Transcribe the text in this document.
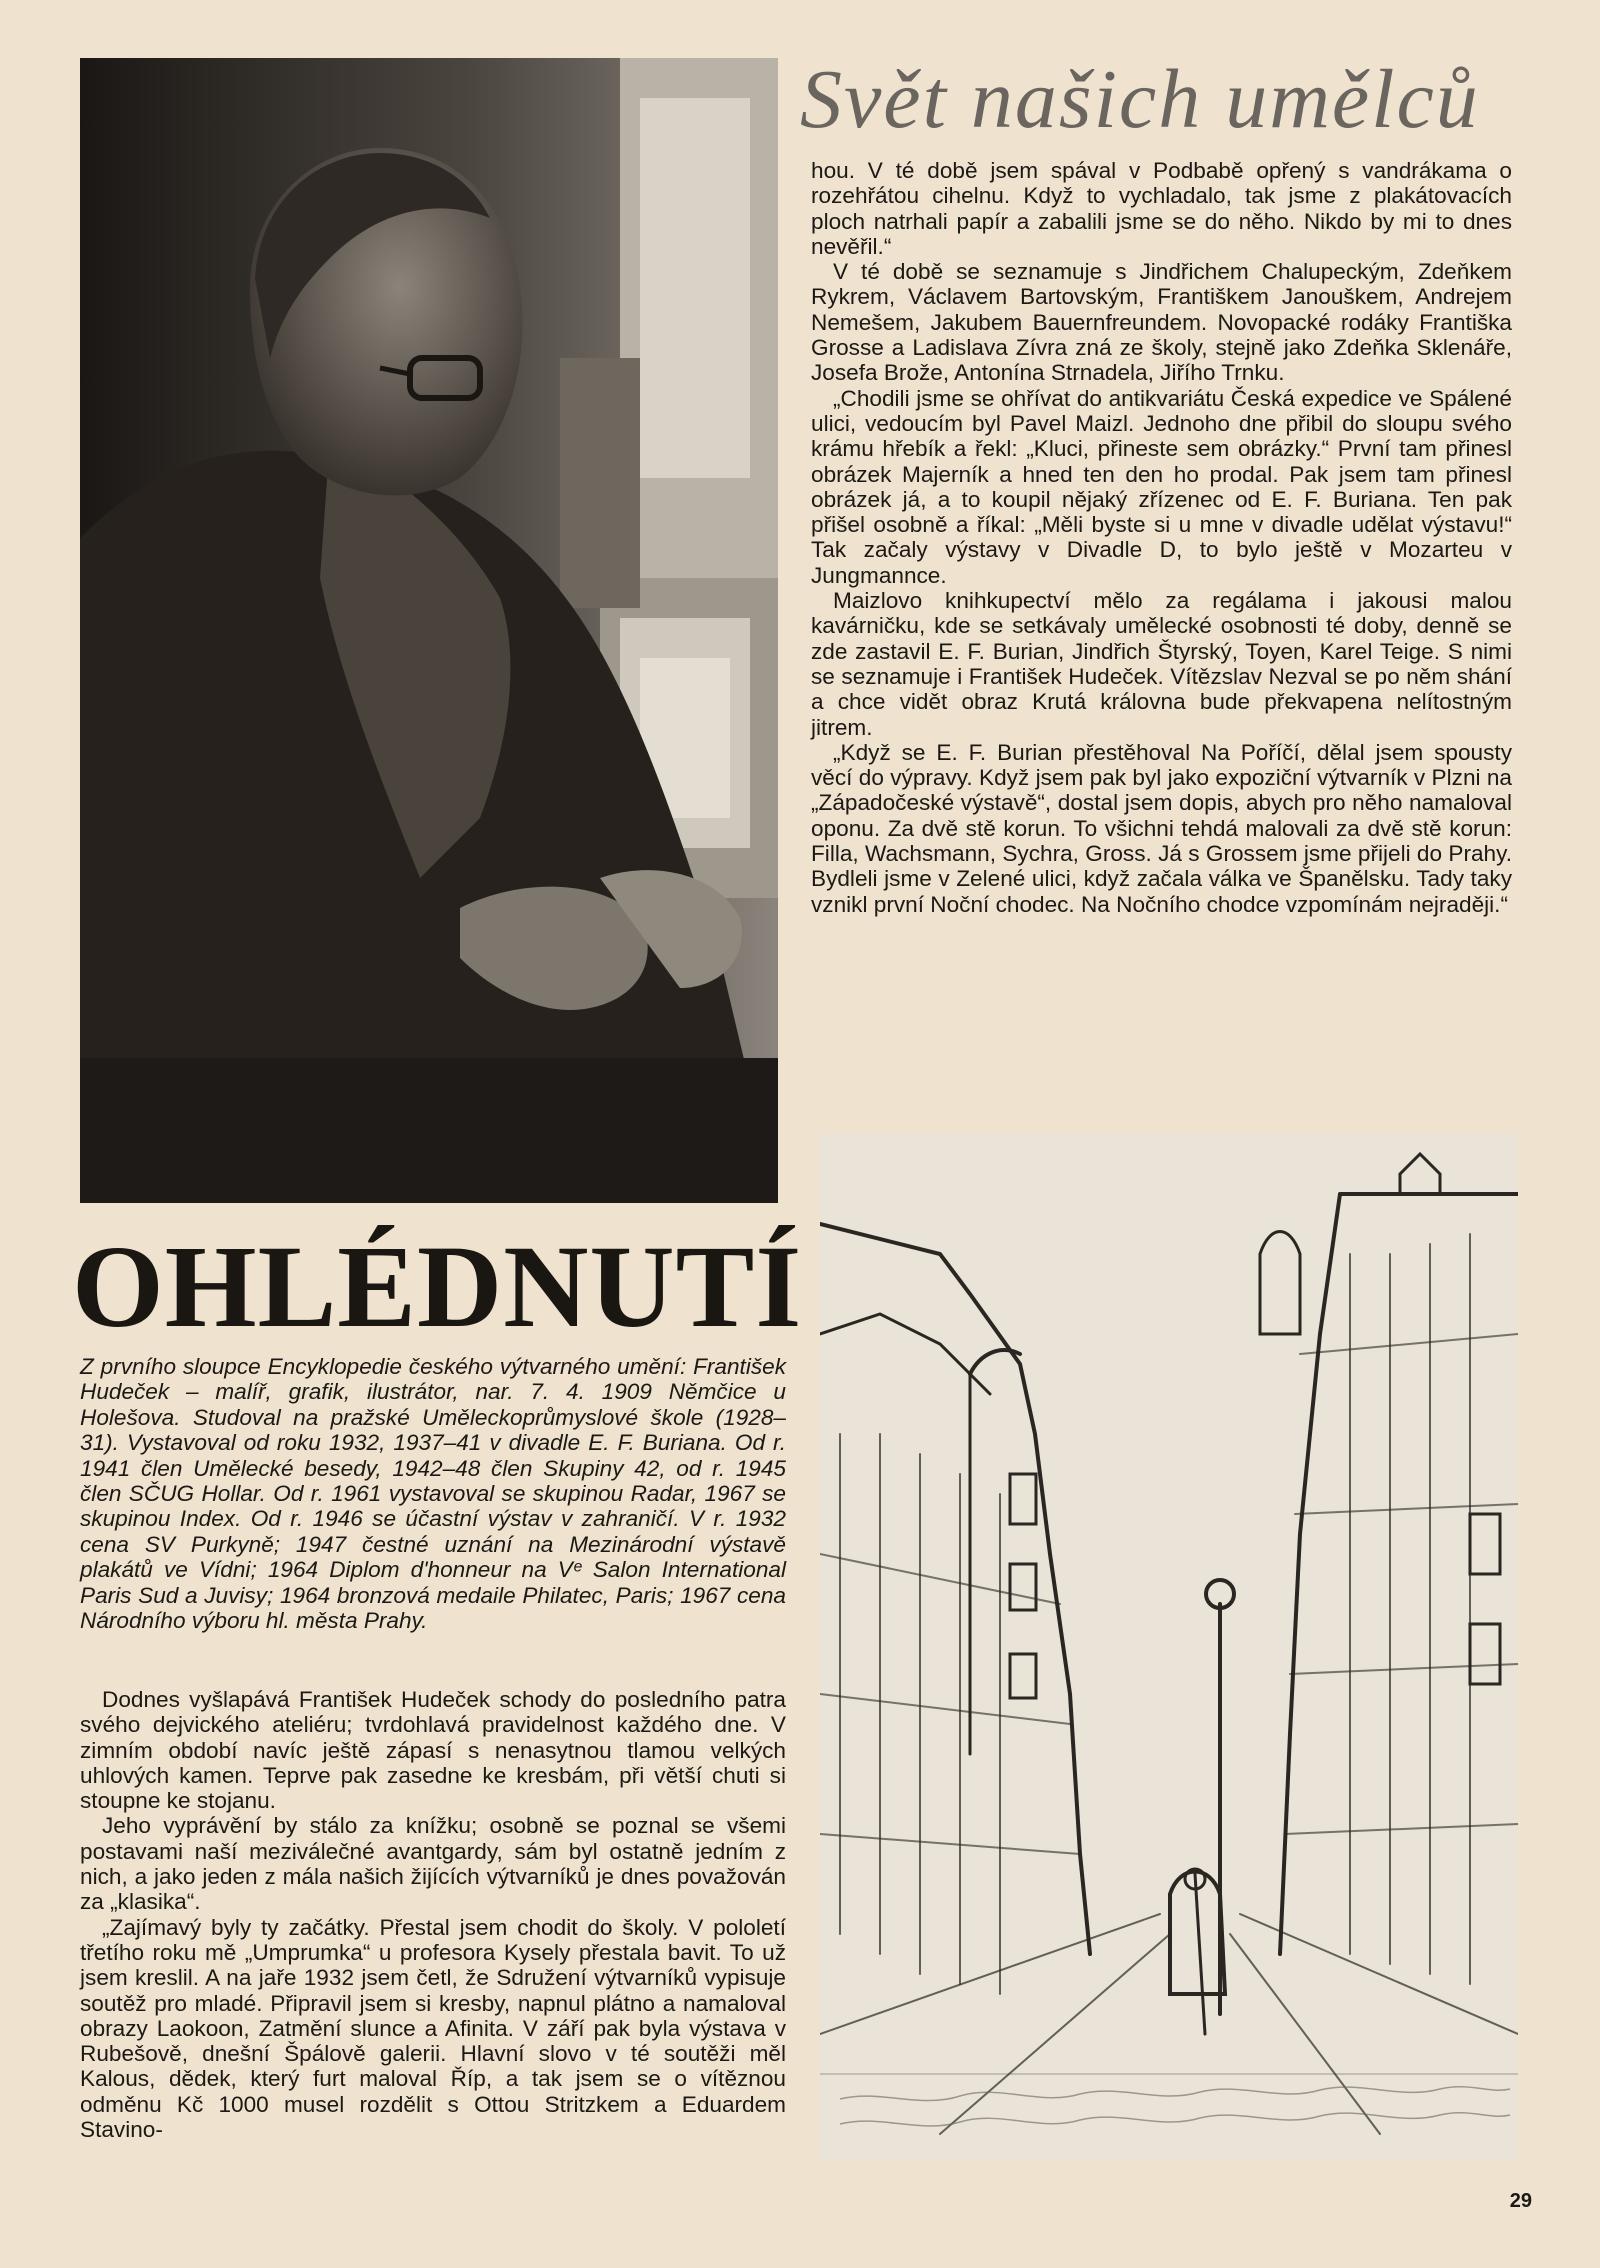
Svět našich umělců

hou. V té době jsem spával v Podbabě opřený s vandrákama o rozehřátou cihelnu. Když to vychladalo, tak jsme z plakátovacích ploch natrhali papír a zabalili jsme se do něho. Nikdo by mi to dnes nevěřil.“

V té době se seznamuje s Jindřichem Chalupeckým, Zdeňkem Rykrem, Václavem Bartovským, Františkem Janouškem, Andrejem Nemešem, Jakubem Bauernfreundem. Novopacké rodáky Františka Grosse a Ladislava Zívra zná ze školy, stejně jako Zdeňka Sklenáře, Josefa Brože, Antonína Strnadela, Jiřího Trnku.

„Chodili jsme se ohřívat do antikvariátu Česká expedice ve Spálené ulici, vedoucím byl Pavel Maizl. Jednoho dne přibil do sloupu svého krámu hřebík a řekl: „Kluci, přineste sem obrázky.“ První tam přinesl obrázek Majerník a hned ten den ho prodal. Pak jsem tam přinesl obrázek já, a to koupil nějaký zřízenec od E. F. Buriana. Ten pak přišel osobně a říkal: „Měli byste si u mne v divadle udělat výstavu!“ Tak začaly výstavy v Divadle D, to bylo ještě v Mozarteu v Jungmannce.

Maizlovo knihkupectví mělo za regálama i jakousi malou kavárničku, kde se setkávaly umělecké osobnosti té doby, denně se zde zastavil E. F. Burian, Jindřich Štyrský, Toyen, Karel Teige. S nimi se seznamuje i František Hudeček. Vítězslav Nezval se po něm shání a chce vidět obraz Krutá královna bude překvapena nelítostným jitrem.

„Když se E. F. Burian přestěhoval Na Poříčí, dělal jsem spousty věcí do výpravy. Když jsem pak byl jako expoziční výtvarník v Plzni na „Západočeské výstavě“, dostal jsem dopis, abych pro něho namaloval oponu. Za dvě stě korun. To všichni tehdá malovali za dvě stě korun: Filla, Wachsmann, Sychra, Gross. Já s Grossem jsme přijeli do Prahy. Bydleli jsme v Zelené ulici, když začala válka ve Španělsku. Tady taky vznikl první Noční chodec. Na Nočního chodce vzpomínám nejraději.“

OHLÉDNUTÍ
Z prvního sloupce Encyklopedie českého výtvarného umění: František Hudeček – malíř, grafik, ilustrátor, nar. 7. 4. 1909 Němčice u Holešova. Studoval na pražské Uměleckoprůmyslové škole (1928–31). Vystavoval od roku 1932, 1937–41 v divadle E. F. Buriana. Od r. 1941 člen Umělecké besedy, 1942–48 člen Skupiny 42, od r. 1945 člen SČUG Hollar. Od r. 1961 vystavoval se skupinou Radar, 1967 se skupinou Index. Od r. 1946 se účastní výstav v zahraničí. V r. 1932 cena SV Purkyně; 1947 čestné uznání na Mezinárodní výstavě plakátů ve Vídni; 1964 Diplom d'honneur na Vᵉ Salon International Paris Sud a Juvisy; 1964 bronzová medaile Philatec, Paris; 1967 cena Národního výboru hl. města Prahy.

Dodnes vyšlapává František Hudeček schody do posledního patra svého dejvického ateliéru; tvrdohlavá pravidelnost každého dne. V zimním období navíc ještě zápasí s nenasytnou tlamou velkých uhlových kamen. Teprve pak zasedne ke kresbám, při větší chuti si stoupne ke stojanu.

Jeho vyprávění by stálo za knížku; osobně se poznal se všemi postavami naší meziválečné avantgardy, sám byl ostatně jedním z nich, a jako jeden z mála našich žijících výtvarníků je dnes považován za „klasika“.

„Zajímavý byly ty začátky. Přestal jsem chodit do školy. V pololetí třetího roku mě „Umprumka“ u profesora Kysely přestala bavit. To už jsem kreslil. A na jaře 1932 jsem četl, že Sdružení výtvarníků vypisuje soutěž pro mladé. Připravil jsem si kresby, napnul plátno a namaloval obrazy Laokoon, Zatmění slunce a Afinita. V září pak byla výstava v Rubešově, dnešní Špálově galerii. Hlavní slovo v té soutěži měl Kalous, dědek, který furt maloval Říp, a tak jsem se o vítěznou odměnu Kč 1000 musel rozdělit s Ottou Stritzkem a Eduardem Stavino-

29
